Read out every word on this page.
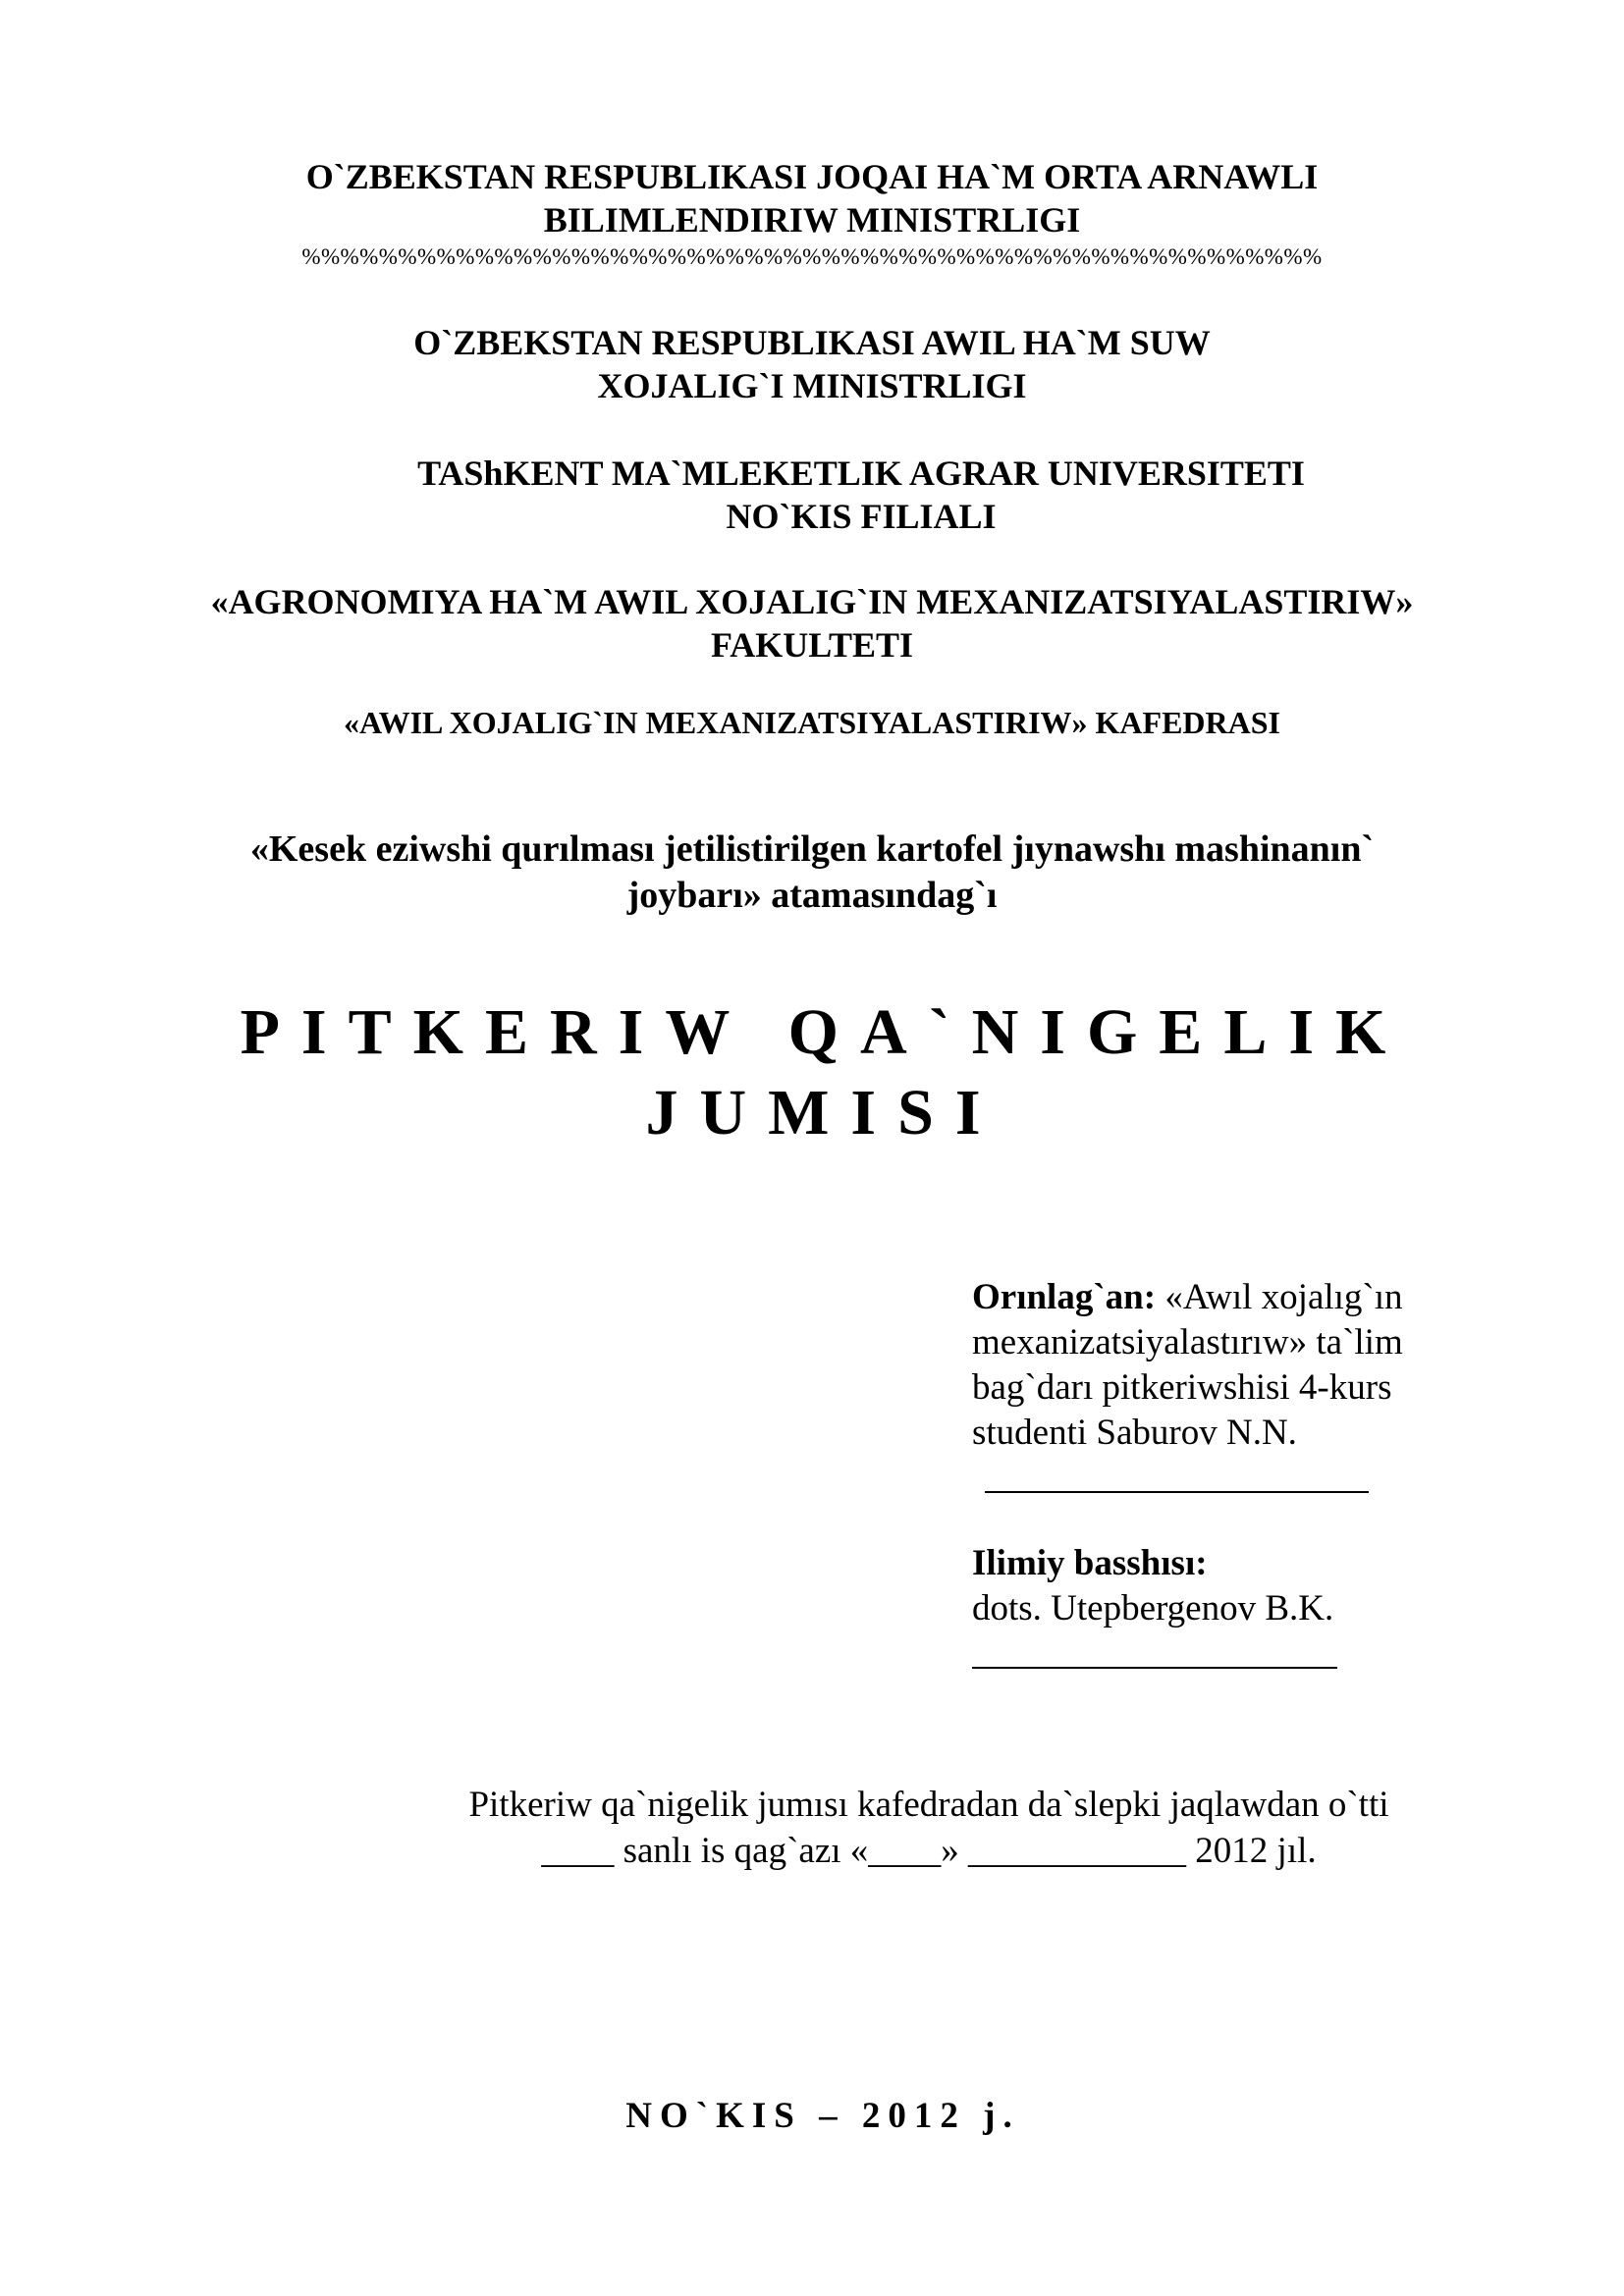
O`ZBEKSTAN RESPUBLIKASI JOQAI HA`M ORTA ARNAWLI
BILIMLENDIRIW MINISTRLIGI
%%%%%%%%%%%%%%%%%%%%%%%%%%%%%%%%%%%%%%%%%%%%%%%%%%%%%
O`ZBEKSTAN RESPUBLIKASI AWIL HA`M SUW
XOJALIG`I MINISTRLIGI
TAShKENT MA`MLEKETLIK AGRAR UNIVERSITETI
NO`KIS FILIALI
«AGRONOMIYA HA`M AWIL XOJALIG`IN MEXANIZATSIYALASTIRIW»
FAKULTETI
«AWIL XOJALIG`IN MEXANIZATSIYALASTIRIW» KAFEDRASI
«Kesek eziwshi qurılması jetilistirilgen kartofel jıynawshı mashinanın`
joybarı» atamasındag`ı
PITKERIW QA`NIGELIK
JUMISI
Orınlag`an: «Awıl xojalıg`ın
mexanizatsiyalastırıw» ta`lim
bag`darı pitkeriwshisi 4-kurs
studenti Saburov N.N.
Ilimiy basshısı:
dots. Utepbergenov B.K.
Pitkeriw qa`nigelik jumısı kafedradan da`slepki jaqlawdan o`tti
____ sanlı is qag`azı «____» ____________ 2012 jıl.
NO`KIS – 2012 j.
